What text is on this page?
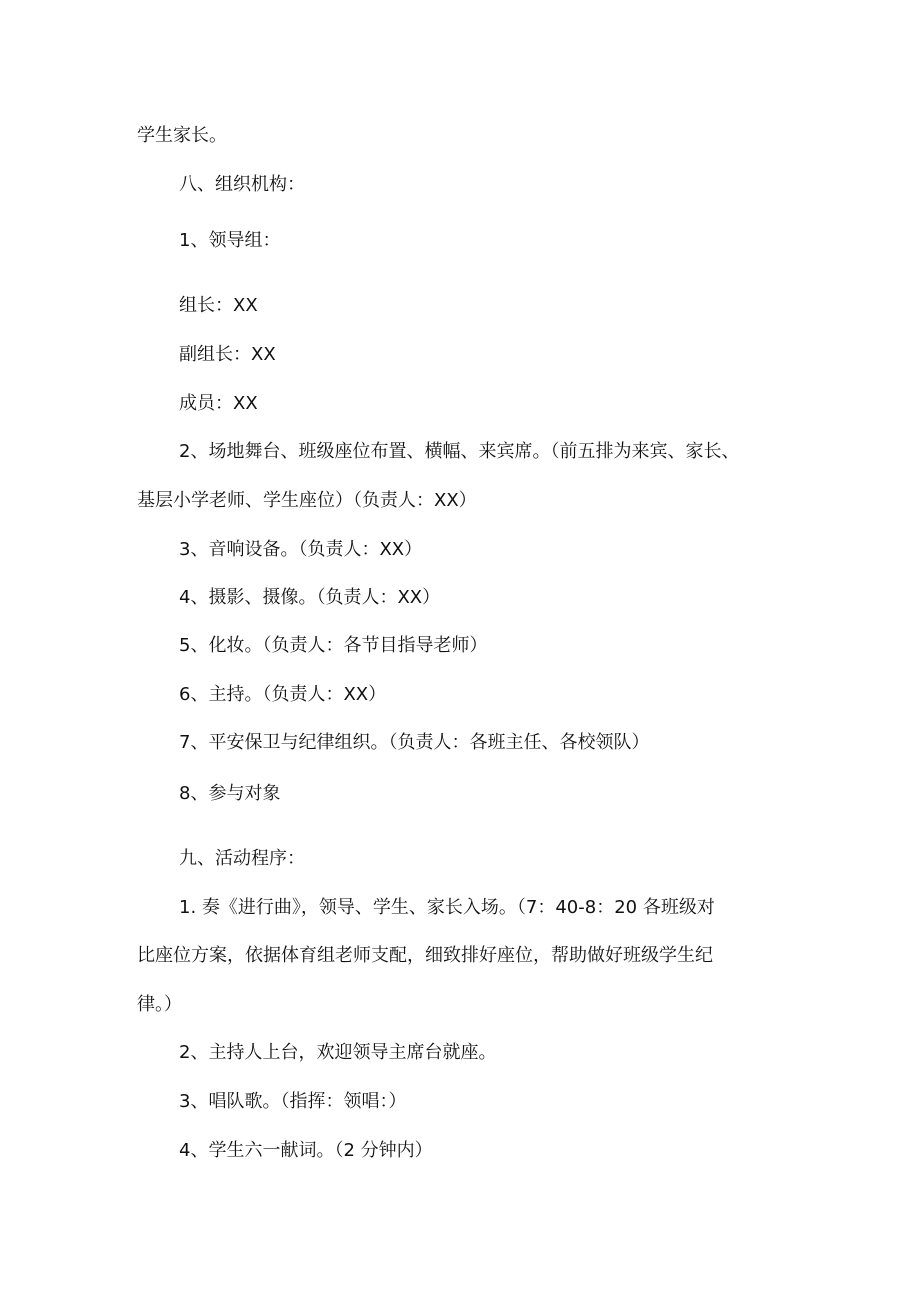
学生家长。
八、组织机构：
1、领导组：
组长：XX
副组长：XX
成员：XX
2、场地舞台、班级座位布置、横幅、来宾席。（前五排为来宾、家长、
基层小学老师、学生座位）（负责人：XX）
3、音响设备。（负责人：XX）
4、摄影、摄像。（负责人：XX）
5、化妆。（负责人：各节目指导老师）
6、主持。（负责人：XX）
7、平安保卫与纪律组织。（负责人：各班主任、各校领队）
8、参与对象
九、活动程序：
1. 奏《进行曲》，领导、学生、家长入场。（7：40-8：20 各班级对
比座位方案，依据体育组老师支配，细致排好座位，帮助做好班级学生纪
律。）
2、主持人上台，欢迎领导主席台就座。
3、唱队歌。（指挥：领唱：）
4、学生六一献词。（2 分钟内）
